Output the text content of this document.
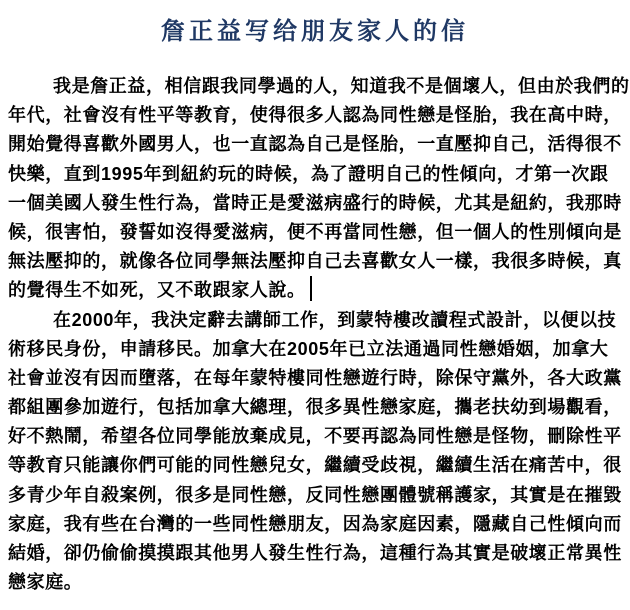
詹正益写给朋友家人的信
我是詹正益，相信跟我同學過的人，知道我不是個壞人，但由於我們的
年代，社會沒有性平等教育，使得很多人認為同性戀是怪胎，我在高中時，
開始覺得喜歡外國男人，也一直認為自己是怪胎，一直壓抑自己，活得很不
快樂，直到1995年到紐約玩的時候，為了證明自己的性傾向，才第一次跟
一個美國人發生性行為，當時正是愛滋病盛行的時候，尤其是紐約，我那時
候，很害怕，發誓如沒得愛滋病，便不再當同性戀，但一個人的性別傾向是
無法壓抑的，就像各位同學無法壓抑自己去喜歡女人一樣，我很多時候，真
的覺得生不如死，又不敢跟家人說。
在2000年，我決定辭去講師工作，到蒙特樓改讀程式設計，以便以技
術移民身份，申請移民。加拿大在2005年已立法通過同性戀婚姻，加拿大
社會並沒有因而墮落，在每年蒙特樓同性戀遊行時，除保守黨外，各大政黨
都組團參加遊行，包括加拿大總理，很多異性戀家庭，攜老扶幼到場觀看，
好不熱鬧，希望各位同學能放棄成見，不要再認為同性戀是怪物，刪除性平
等教育只能讓你們可能的同性戀兒女，繼續受歧視，繼續生活在痛苦中，很
多青少年自殺案例，很多是同性戀，反同性戀團體號稱護家，其實是在摧毀
家庭，我有些在台灣的一些同性戀朋友，因為家庭因素，隱藏自己性傾向而
結婚，卻仍偷偷摸摸跟其他男人發生性行為，這種行為其實是破壞正常異性
戀家庭。
